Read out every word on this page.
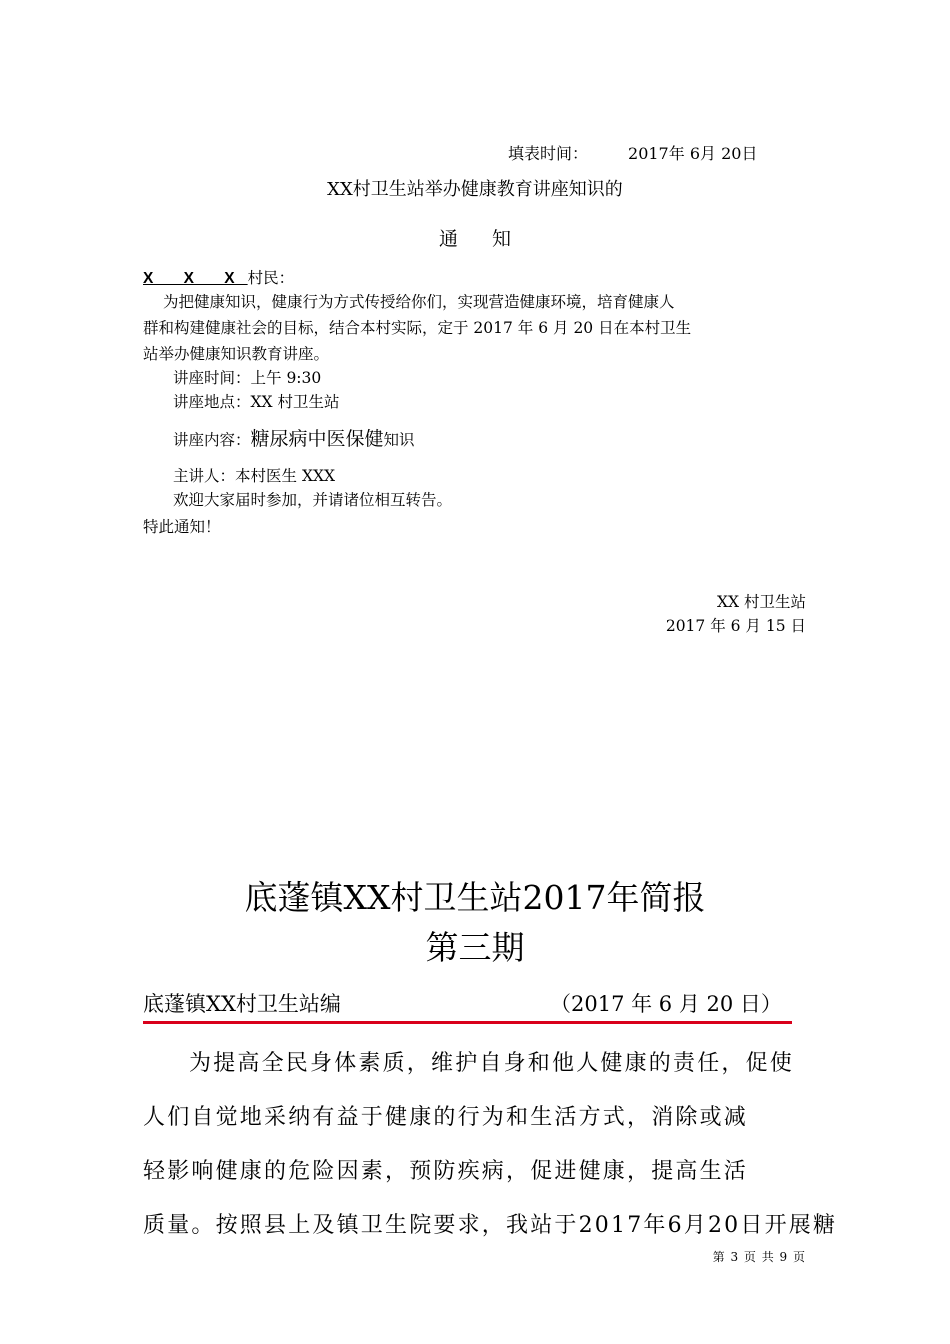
填表时间：	2017年 6月 20日
XX村卫生站举办健康教育讲座知识的
通知
X X X村民：
为把健康知识，健康行为方式传授给你们，实现营造健康环境，培育健康人
群和构建健康社会的目标，结合本村实际，定于 2017 年 6 月 20 日在本村卫生
站举办健康知识教育讲座。
讲座时间：上午 9:30
讲座地点：XX 村卫生站
讲座内容：糖尿病中医保健知识
主讲人：本村医生 XXX
欢迎大家届时参加，并请诸位相互转告。
特此通知！
XX 村卫生站
2017 年 6 月 15 日
底蓬镇XX村卫生站2017年简报
第三期
底蓬镇XX村卫生站编	（2017 年 6 月 20 日）
为提高全民身体素质，维护自身和他人健康的责任，促使
人们自觉地采纳有益于健康的行为和生活方式，消除或减
轻影响健康的危险因素，预防疾病，促进健康，提高生活
质量。按照县上及镇卫生院要求，我站于2017年6月20日开展糖
第 3 页 共 9 页
